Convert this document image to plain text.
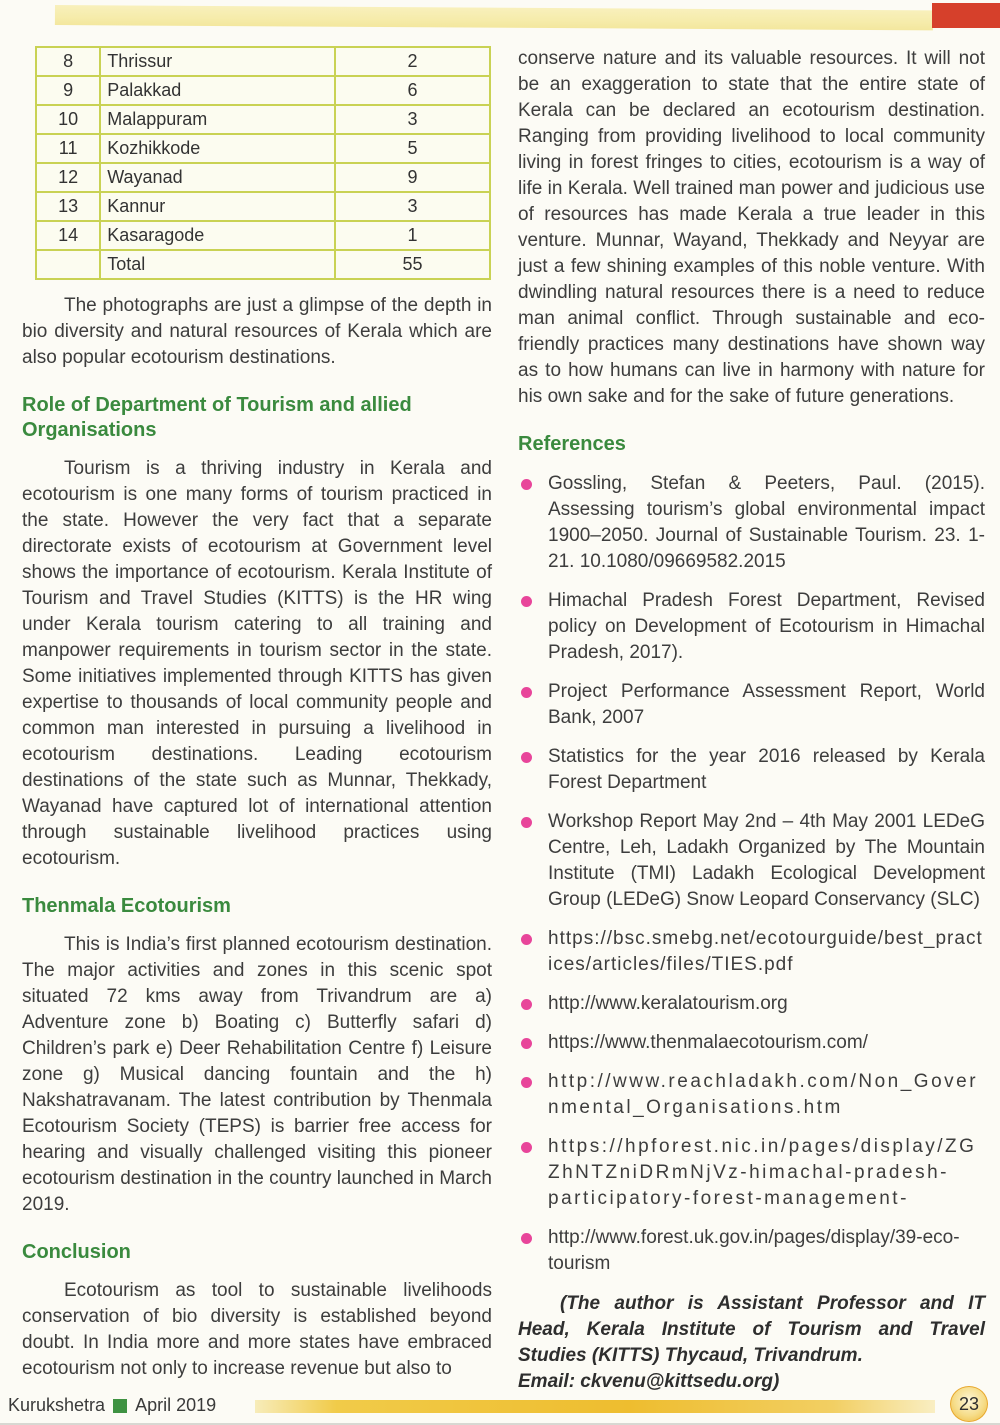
8	Thrissur	2
9	Palakkad	6
10	Malappuram	3
11	Kozhikkode	5
12	Wayanad	9
13	Kannur	3
14	Kasaragode	1
	Total	55

The photographs are just a glimpse of the depth in bio diversity and natural resources of Kerala which are also popular ecotourism destinations.

Role of Department of Tourism and allied Organisations

Tourism is a thriving industry in Kerala and ecotourism is one many forms of tourism practiced in the state. However the very fact that a separate directorate exists of ecotourism at Government level shows the importance of ecotourism. Kerala Institute of Tourism and Travel Studies (KITTS) is the HR wing under Kerala tourism catering to all training and manpower requirements in tourism sector in the state. Some initiatives implemented through KITTS has given expertise to thousands of local community people and common man interested in pursuing a livelihood in ecotourism destinations. Leading ecotourism destinations of the state such as Munnar, Thekkady, Wayanad have captured lot of international attention through sustainable livelihood practices using ecotourism.

Thenmala Ecotourism

This is India’s first planned ecotourism destination. The major activities and zones in this scenic spot situated 72 kms away from Trivandrum are a) Adventure zone b) Boating c) Butterfly safari d) Children’s park e) Deer Rehabilitation Centre f) Leisure zone g) Musical dancing fountain and the h) Nakshatravanam. The latest contribution by Thenmala Ecotourism Society (TEPS) is barrier free access for hearing and visually challenged visiting this pioneer ecotourism destination in the country launched in March 2019.

Conclusion

Ecotourism as tool to sustainable livelihoods conservation of bio diversity is established beyond doubt. In India more and more states have embraced ecotourism not only to increase revenue but also to

conserve nature and its valuable resources. It will not be an exaggeration to state that the entire state of Kerala can be declared an ecotourism destination. Ranging from providing livelihood to local community living in forest fringes to cities, ecotourism is a way of life in Kerala. Well trained man power and judicious use of resources has made Kerala a true leader in this venture. Munnar, Wayand, Thekkady and Neyyar are just a few shining examples of this noble venture. With dwindling natural resources there is a need to reduce man animal conflict. Through sustainable and eco-friendly practices many destinations have shown way as to how humans can live in harmony with nature for his own sake and for the sake of future generations.

References
Gossling, Stefan & Peeters, Paul. (2015). Assessing tourism’s global environmental impact 1900–2050. Journal of Sustainable Tourism. 23. 1-21. 10.1080/09669582.2015
Himachal Pradesh Forest Department, Revised policy on Development of Ecotourism in Himachal Pradesh, 2017).
Project Performance Assessment Report, World Bank, 2007
Statistics for the year 2016 released by Kerala Forest Department
Workshop Report May 2nd – 4th May 2001 LEDeG Centre, Leh, Ladakh Organized by The Mountain Institute (TMI) Ladakh Ecological Development Group (LEDeG) Snow Leopard Conservancy (SLC)
https://bsc.smebg.net/ecotourguide/best_practices/articles/files/TIES.pdf
http://www.keralatourism.org
https://www.thenmalaecotourism.com/
http://www.reachladakh.com/Non_Governmental_Organisations.htm
https://hpforest.nic.in/pages/display/ZGZhNTZniDRmNjVz-himachal-pradesh-participatory-forest-management-
http://www.forest.uk.gov.in/pages/display/39-eco-tourism

(The author is Assistant Professor and IT Head, Kerala Institute of Tourism and Travel Studies (KITTS) Thycaud, Trivandrum.

Email: ckvenu@kittsedu.org)

Kurukshetra April 2019	23
